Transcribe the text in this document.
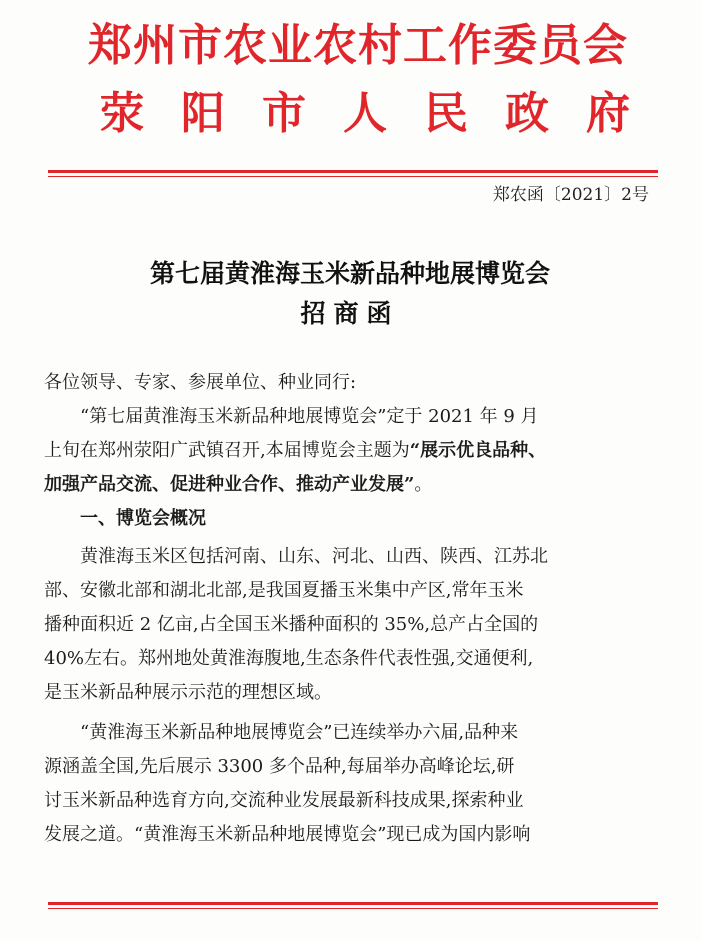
郑州市农业农村工作委员会
荥 阳 市 人 民 政 府
郑农函〔2021〕2号
第七届黄淮海玉米新品种地展博览会
招商函
各位领导、专家、参展单位、种业同行:
“第七届黄淮海玉米新品种地展博览会”定于 2021 年 9 月
上旬在郑州荥阳广武镇召开,本届博览会主题为“展示优良品种、
加强产品交流、促进种业合作、推动产业发展”。
一、博览会概况
黄淮海玉米区包括河南、山东、河北、山西、陕西、江苏北
部、安徽北部和湖北北部,是我国夏播玉米集中产区,常年玉米
播种面积近 2 亿亩,占全国玉米播种面积的 35%,总产占全国的
40%左右。郑州地处黄淮海腹地,生态条件代表性强,交通便利,
是玉米新品种展示示范的理想区域。
“黄淮海玉米新品种地展博览会”已连续举办六届,品种来
源涵盖全国,先后展示 3300 多个品种,每届举办高峰论坛,研
讨玉米新品种选育方向,交流种业发展最新科技成果,探索种业
发展之道。“黄淮海玉米新品种地展博览会”现已成为国内影响
